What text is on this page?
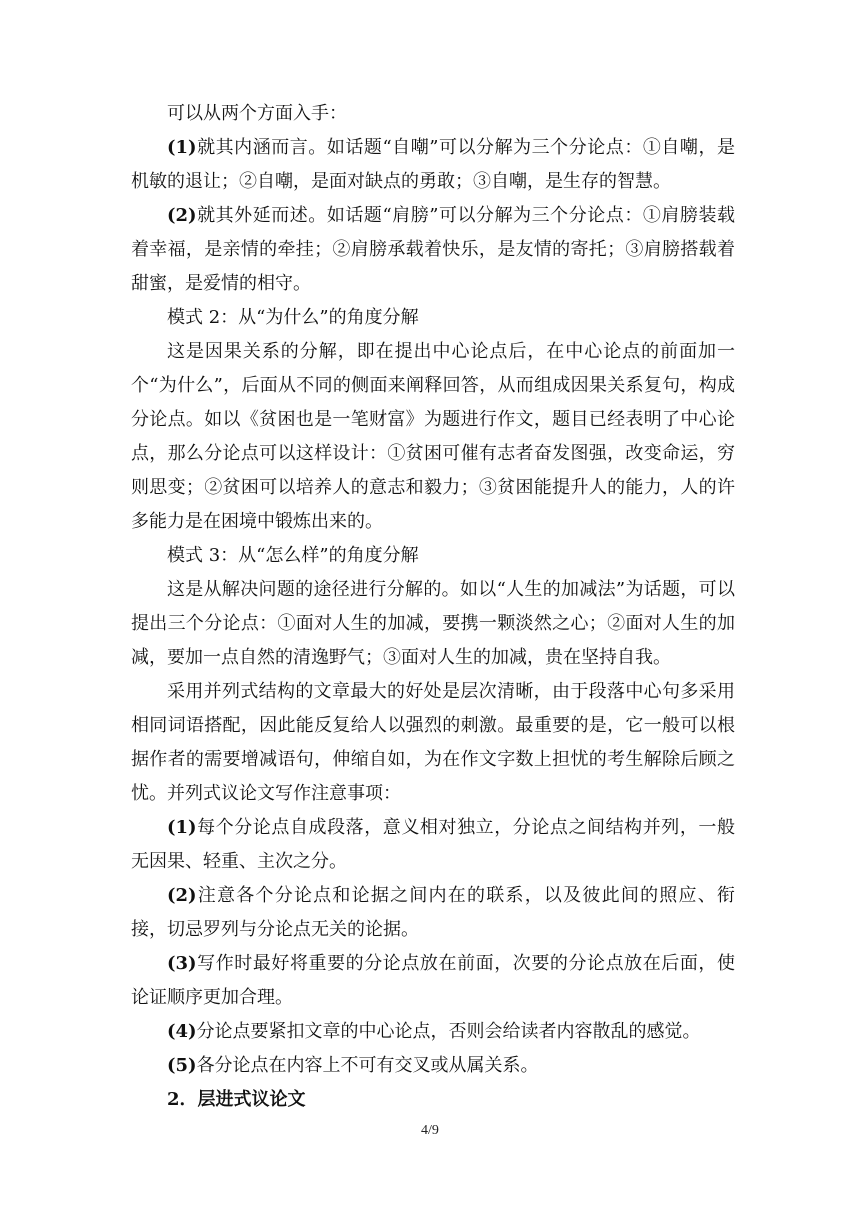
可以从两个方面入手：

(1)就其内涵而言。如话题“自嘲”可以分解为三个分论点：①自嘲，是机敏的退让；②自嘲，是面对缺点的勇敢；③自嘲，是生存的智慧。

(2)就其外延而述。如话题“肩膀”可以分解为三个分论点：①肩膀装载着幸福，是亲情的牵挂；②肩膀承载着快乐，是友情的寄托；③肩膀搭载着甜蜜，是爱情的相守。

模式 2：从“为什么”的角度分解

这是因果关系的分解，即在提出中心论点后，在中心论点的前面加一个“为什么”，后面从不同的侧面来阐释回答，从而组成因果关系复句，构成分论点。如以《贫困也是一笔财富》为题进行作文，题目已经表明了中心论点，那么分论点可以这样设计：①贫困可催有志者奋发图强，改变命运，穷则思变；②贫困可以培养人的意志和毅力；③贫困能提升人的能力，人的许多能力是在困境中锻炼出来的。

模式 3：从“怎么样”的角度分解

这是从解决问题的途径进行分解的。如以“人生的加减法”为话题，可以提出三个分论点：①面对人生的加减，要携一颗淡然之心；②面对人生的加减，要加一点自然的清逸野气；③面对人生的加减，贵在坚持自我。

采用并列式结构的文章最大的好处是层次清晰，由于段落中心句多采用相同词语搭配，因此能反复给人以强烈的刺激。最重要的是，它一般可以根据作者的需要增减语句，伸缩自如，为在作文字数上担忧的考生解除后顾之忧。 并列式议论文写作注意事项：

(1)每个分论点自成段落，意义相对独立，分论点之间结构并列，一般无因果、轻重、主次之分。

(2)注意各个分论点和论据之间内在的联系，以及彼此间的照应、衔接，切忌罗列与分论点无关的论据。

(3)写作时最好将重要的分论点放在前面，次要的分论点放在后面，使论证顺序更加合理。

(4)分论点要紧扣文章的中心论点，否则会给读者内容散乱的感觉。

(5)各分论点在内容上不可有交叉或从属关系。

2．层进式议论文

4/9
